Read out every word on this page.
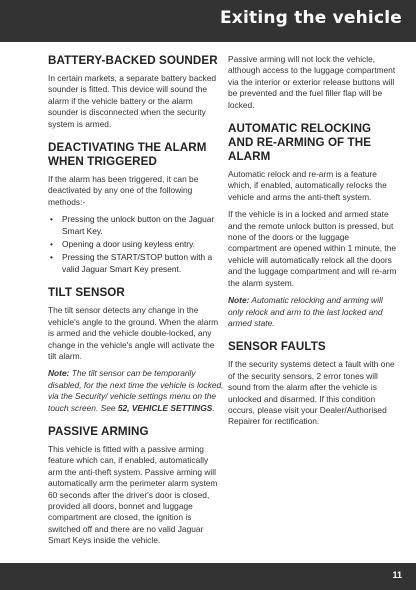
Exiting the vehicle
BATTERY-BACKED SOUNDER

In certain markets, a separate battery backed sounder is fitted. This device will sound the alarm if the vehicle battery or the alarm sounder is disconnected when the security system is armed.

DEACTIVATING THE ALARM WHEN TRIGGERED

If the alarm has been triggered, it can be deactivated by any one of the following methods:-

• Pressing the unlock button on the Jaguar Smart Key.
• Opening a door using keyless entry.
• Pressing the START/STOP button with a valid Jaguar Smart Key present.
TILT SENSOR

The tilt sensor detects any change in the vehicle's angle to the ground. When the alarm is armed and the vehicle double-locked, any change in the vehicle's angle will activate the tilt alarm.

Note: The tilt sensor can be temporarily disabled, for the next time the vehicle is locked, via the Security/ vehicle settings menu on the touch screen. See 52, VEHICLE SETTINGS.

PASSIVE ARMING

This vehicle is fitted with a passive arming feature which can, if enabled, automatically arm the anti-theft system. Passive arming will automatically arm the perimeter alarm system 60 seconds after the driver's door is closed, provided all doors, bonnet and luggage compartment are closed, the ignition is switched off and there are no valid Jaguar Smart Keys inside the vehicle.

Passive arming will not lock the vehicle, although access to the luggage compartment via the interior or exterior release buttons will be prevented and the fuel filler flap will be locked.

AUTOMATIC RELOCKING AND RE-ARMING OF THE ALARM

Automatic relock and re-arm is a feature which, if enabled, automatically relocks the vehicle and arms the anti-theft system.

If the vehicle is in a locked and armed state and the remote unlock button is pressed, but none of the doors or the luggage compartment are opened within 1 minute, the vehicle will automatically relock all the doors and the luggage compartment and will re-arm the alarm system.

Note: Automatic relocking and arming will only relock and arm to the last locked and armed state.

SENSOR FAULTS

If the security systems detect a fault with one of the security sensors, 2 error tones will sound from the alarm after the vehicle is unlocked and disarmed. If this condition occurs, please visit your Dealer/Authorised Repairer for rectification.

11
